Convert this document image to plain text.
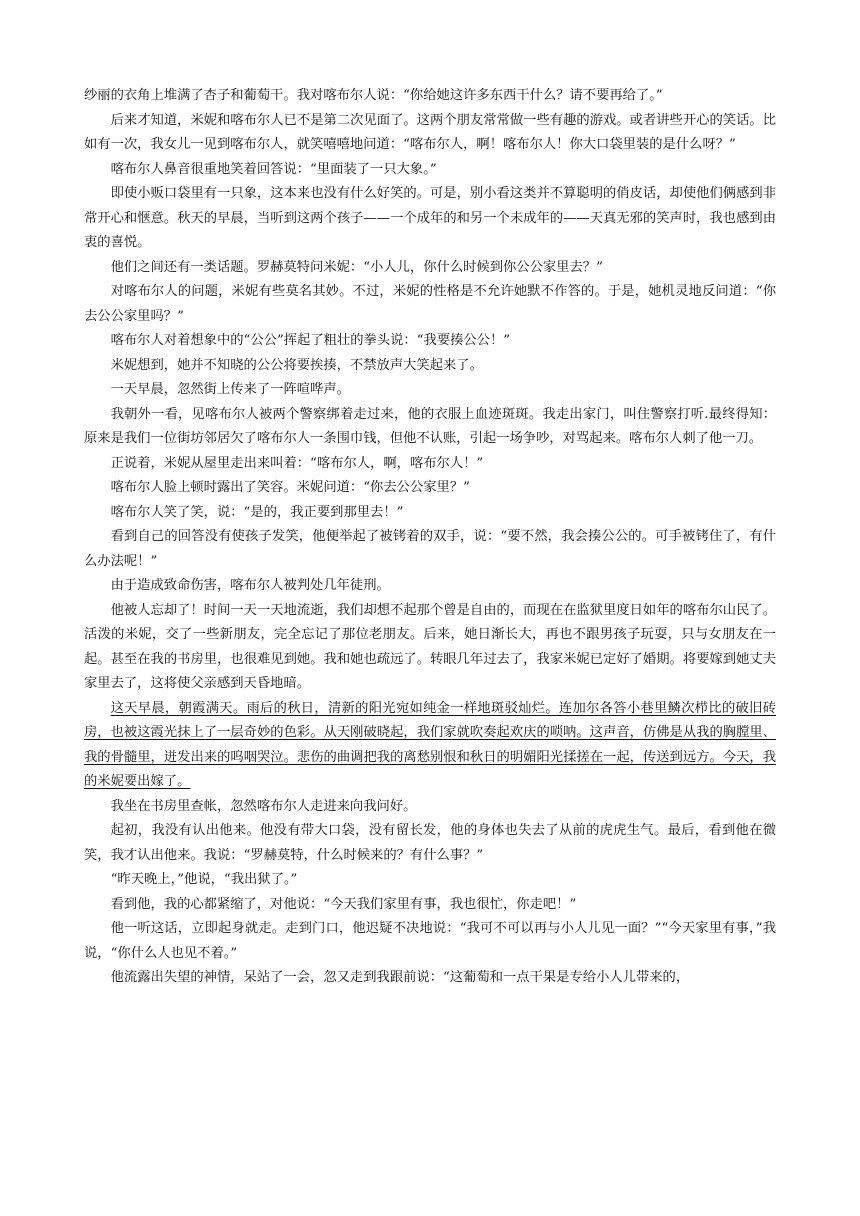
纱丽的衣角上堆满了杏子和葡萄干。我对喀布尔人说：“你给她这许多东西干什么？请不要再给了。”

后来才知道，米妮和喀布尔人已不是第二次见面了。这两个朋友常常做一些有趣的游戏。或者讲些开心的笑话。比如有一次，我女儿一见到喀布尔人，就笑嘻嘻地问道：“喀布尔人，啊！喀布尔人！你大口袋里装的是什么呀？”

喀布尔人鼻音很重地笑着回答说：“里面装了一只大象。”

即使小贩口袋里有一只象，这本来也没有什么好笑的。可是，别小看这类并不算聪明的俏皮话，却使他们俩感到非常开心和惬意。秋天的早晨，当听到这两个孩子——一个成年的和另一个未成年的——天真无邪的笑声时，我也感到由衷的喜悦。

他们之间还有一类话题。罗赫莫特问米妮：“小人儿，你什么时候到你公公家里去？”

对喀布尔人的问题，米妮有些莫名其妙。不过，米妮的性格是不允许她默不作答的。于是，她机灵地反问道：“你去公公家里吗？”

喀布尔人对着想象中的“公公”挥起了粗壮的拳头说：“我要揍公公！”

米妮想到，她并不知晓的公公将要挨揍，不禁放声大笑起来了。

一天早晨，忽然街上传来了一阵喧哗声。

我朝外一看，见喀布尔人被两个警察绑着走过来，他的衣服上血迹斑斑。我走出家门，叫住警察打听.最终得知：原来是我们一位街坊邻居欠了喀布尔人一条围巾钱，但他不认账，引起一场争吵，对骂起来。喀布尔人刺了他一刀。

正说着，米妮从屋里走出来叫着：“喀布尔人，啊，喀布尔人！”

喀布尔人脸上顿时露出了笑容。米妮问道：“你去公公家里？”

喀布尔人笑了笑，说：“是的，我正要到那里去！”

看到自己的回答没有使孩子发笑，他便举起了被铐着的双手，说：“要不然，我会揍公公的。可手被铐住了，有什么办法呢！”

由于造成致命伤害，喀布尔人被判处几年徒刑。

他被人忘却了！时间一天一天地流逝，我们却想不起那个曾是自由的，而现在在监狱里度日如年的喀布尔山民了。活泼的米妮，交了一些新朋友，完全忘记了那位老朋友。后来，她日渐长大，再也不跟男孩子玩耍，只与女朋友在一起。甚至在我的书房里，也很难见到她。我和她也疏远了。转眼几年过去了，我家米妮已定好了婚期。将要嫁到她丈夫家里去了，这将使父亲感到天昏地暗。

这天早晨，朝霞满天。雨后的秋日，清新的阳光宛如纯金一样地斑驳灿烂。连加尔各答小巷里鳞次栉比的破旧砖房，也被这霞光抹上了一层奇妙的色彩。从天刚破晓起，我们家就吹奏起欢庆的唢呐。这声音，仿佛是从我的胸膛里、我的骨髓里，迸发出来的呜咽哭泣。悲伤的曲调把我的离愁别恨和秋日的明媚阳光揉搓在一起，传送到远方。今天，我的米妮要出嫁了。

我坐在书房里查帐，忽然喀布尔人走进来向我问好。

起初，我没有认出他来。他没有带大口袋，没有留长发，他的身体也失去了从前的虎虎生气。最后，看到他在微笑，我才认出他来。我说：“罗赫莫特，什么时候来的？有什么事？”

“昨天晚上，”他说，“我出狱了。”

看到他，我的心都紧缩了，对他说：“今天我们家里有事，我也很忙，你走吧！”

他一听这话，立即起身就走。走到门口，他迟疑不决地说：“我可不可以再与小人儿见一面？”“今天家里有事，”我说，“你什么人也见不着。”

他流露出失望的神情，呆站了一会，忽又走到我跟前说：“这葡萄和一点干果是专给小人儿带来的，
